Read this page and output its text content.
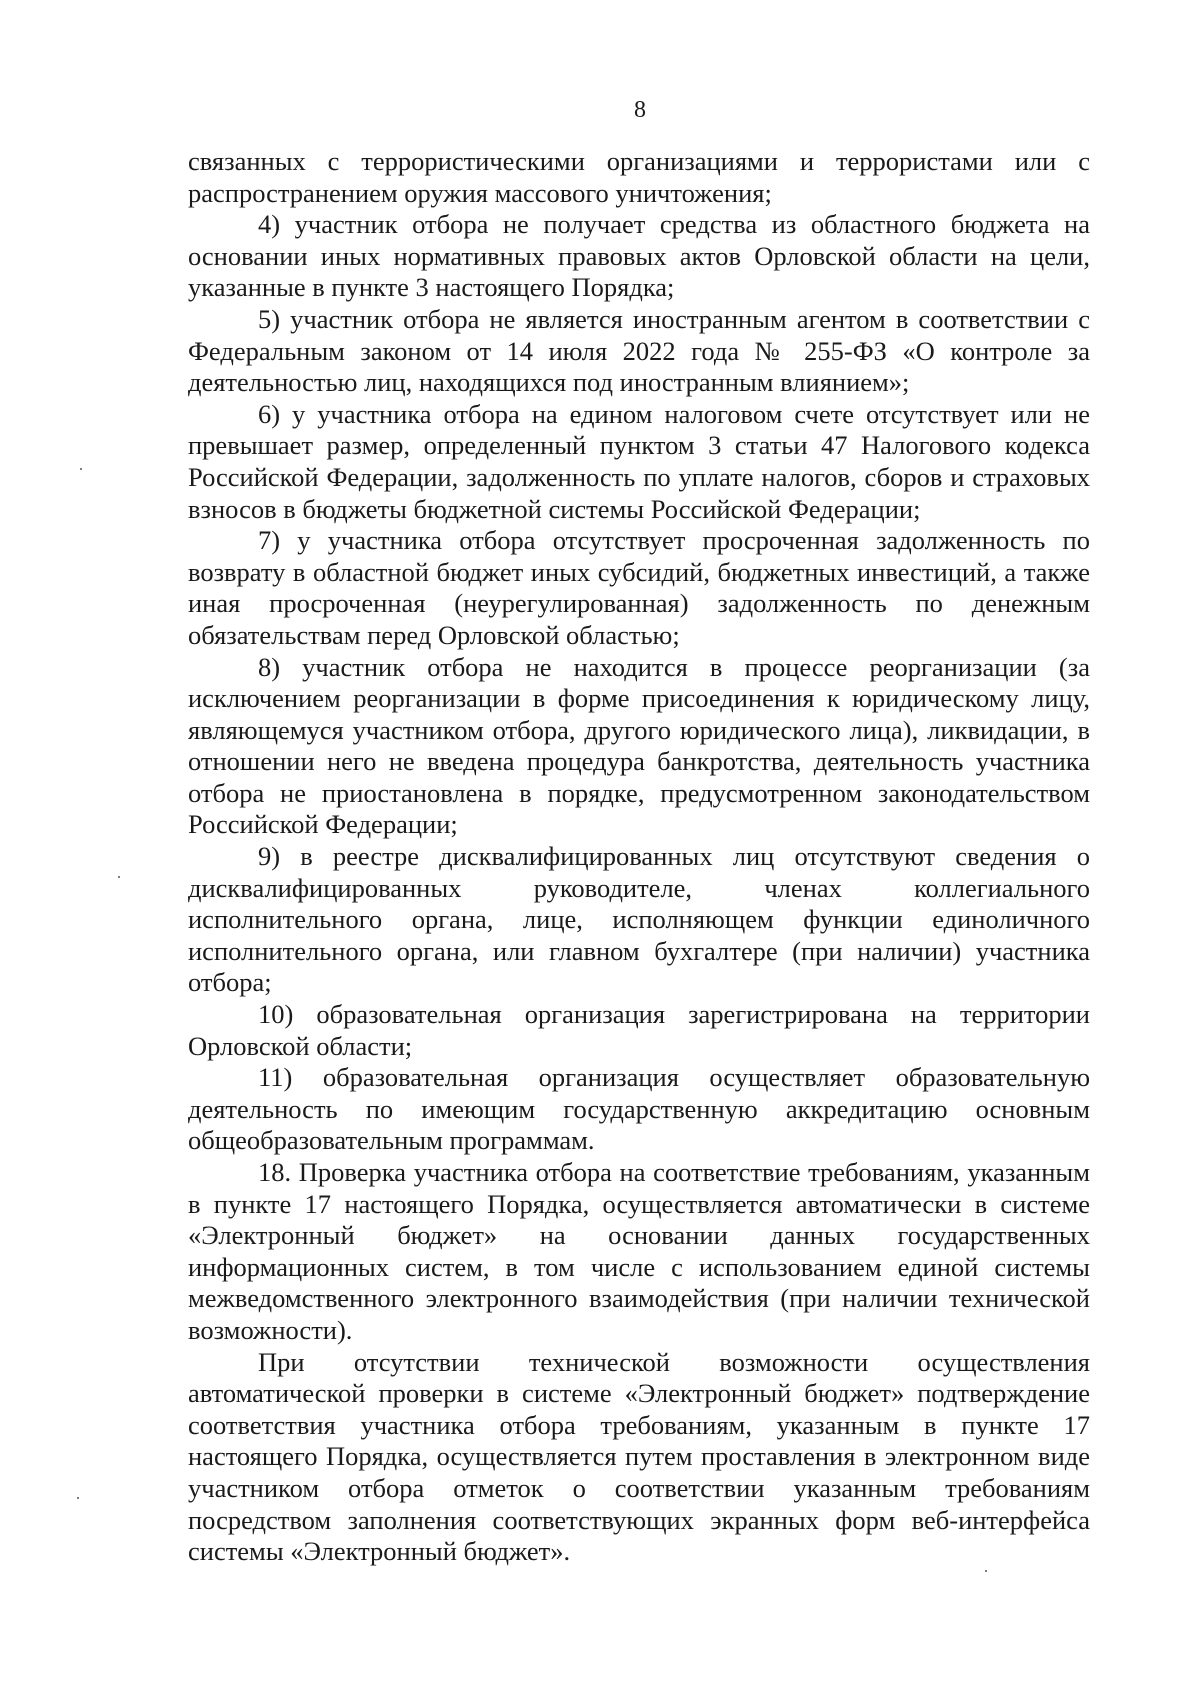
8

связанных с террористическими организациями и террористами или с распространением оружия массового уничтожения;

4) участник отбора не получает средства из областного бюджета на основании иных нормативных правовых актов Орловской области на цели, указанные в пункте 3 настоящего Порядка;

5) участник отбора не является иностранным агентом в соответствии с Федеральным законом от 14 июля 2022 года № 255-ФЗ «О контроле за деятельностью лиц, находящихся под иностранным влиянием»;

6) у участника отбора на едином налоговом счете отсутствует или не превышает размер, определенный пунктом 3 статьи 47 Налогового кодекса Российской Федерации, задолженность по уплате налогов, сборов и страховых взносов в бюджеты бюджетной системы Российской Федерации;

7) у участника отбора отсутствует просроченная задолженность по возврату в областной бюджет иных субсидий, бюджетных инвестиций, а также иная просроченная (неурегулированная) задолженность по денежным обязательствам перед Орловской областью;

8) участник отбора не находится в процессе реорганизации (за исключением реорганизации в форме присоединения к юридическому лицу, являющемуся участником отбора, другого юридического лица), ликвидации, в отношении него не введена процедура банкротства, деятельность участника отбора не приостановлена в порядке, предусмотренном законодательством Российской Федерации;

9) в реестре дисквалифицированных лиц отсутствуют сведения о дисквалифицированных руководителе, членах коллегиального исполнительного органа, лице, исполняющем функции единоличного исполнительного органа, или главном бухгалтере (при наличии) участника отбора;

10) образовательная организация зарегистрирована на территории Орловской области;

11) образовательная организация осуществляет образовательную деятельность по имеющим государственную аккредитацию основным общеобразовательным программам.

18. Проверка участника отбора на соответствие требованиям, указанным в пункте 17 настоящего Порядка, осуществляется автоматически в системе «Электронный бюджет» на основании данных государственных информационных систем, в том числе с использованием единой системы межведомственного электронного взаимодействия (при наличии технической возможности).

При отсутствии технической возможности осуществления автоматической проверки в системе «Электронный бюджет» подтверждение соответствия участника отбора требованиям, указанным в пункте 17 настоящего Порядка, осуществляется путем проставления в электронном виде участником отбора отметок о соответствии указанным требованиям посредством заполнения соответствующих экранных форм веб-интерфейса системы «Электронный бюджет».
